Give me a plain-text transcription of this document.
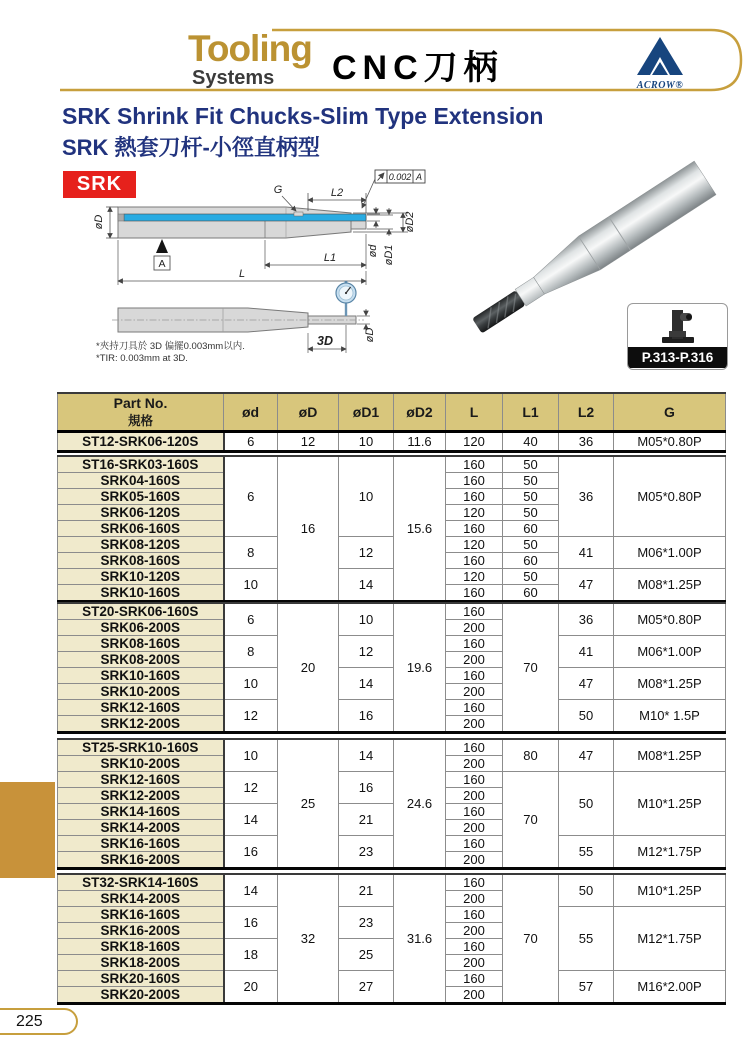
Tooling
Systems	CNC刀柄	ACROW®
SRK Shrink Fit Chucks-Slim Type Extension
SRK 熱套刀杆-小徑直柄型
SRK
øD
A
G	L2
0.002 A
øD2
øD1
ød
L1
L
øD
3D
*夾持刀具於 3D 偏擺0.003mm以内.
*TIR: 0.003mm at 3D.	P.313-P.316
Part No.
規格	ød	øD	øD1	øD2	L	L1	L2	G
ST12-SRK06-120S	6	12	10	11.6	120	40	36	M05*0.80P
ST16-SRK03-160S	6	16	10	15.6	160	50	36	M05*0.80P
SRK04-160S					160	50		
SRK05-160S					160	50		
SRK06-120S					120	50		
SRK06-160S					160	60		
SRK08-120S	8		12		120	50	41	M06*1.00P
SRK08-160S					160	60		
SRK10-120S	10		14		120	50	47	M08*1.25P
SRK10-160S					160	60		
ST20-SRK06-160S	6	20	10	19.6	160	70	36	M05*0.80P
SRK06-200S					200			
SRK08-160S	8		12		160		41	M06*1.00P
SRK08-200S					200			
SRK10-160S	10		14		160		47	M08*1.25P
SRK10-200S					200			
SRK12-160S	12		16		160		50	M10* 1.5P
SRK12-200S					200			
ST25-SRK10-160S	10	25	14	24.6	160	80	47	M08*1.25P
SRK10-200S					200			
SRK12-160S	12		16		160	70	50	M10*1.25P
SRK12-200S					200			
SRK14-160S	14		21		160			
SRK14-200S					200			
SRK16-160S	16		23		160		55	M12*1.75P
SRK16-200S					200			
ST32-SRK14-160S	14	32	21	31.6	160	70	50	M10*1.25P
SRK14-200S					200			
SRK16-160S	16		23		160		55	M12*1.75P
SRK16-200S					200			
SRK18-160S	18		25		160			
SRK18-200S					200			
SRK20-160S	20		27		160		57	M16*2.00P
SRK20-200S					200			
225
